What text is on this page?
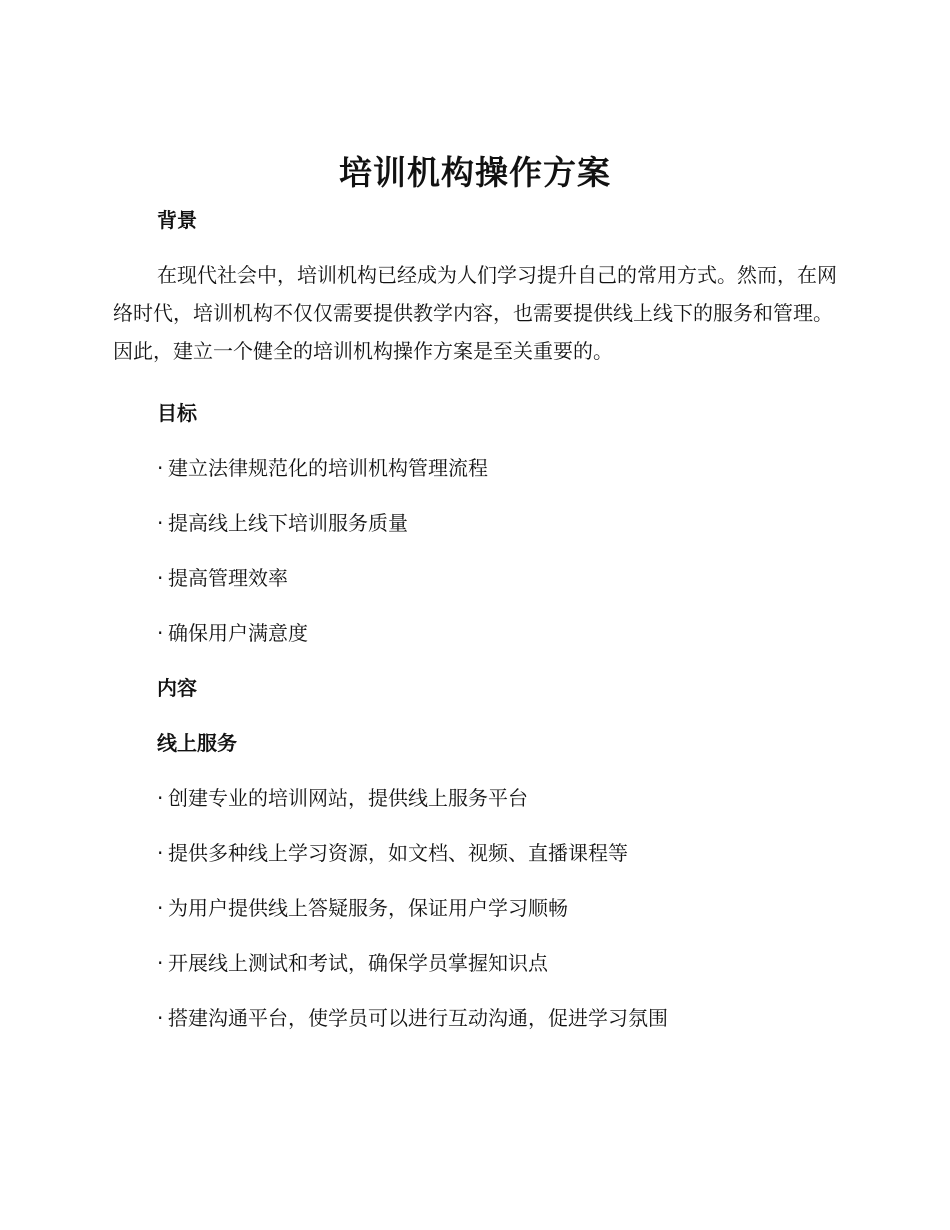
培训机构操作方案
背景

在现代社会中，培训机构已经成为人们学习提升自己的常用方式。然而，在网络时代，培训机构不仅仅需要提供教学内容，也需要提供线上线下的服务和管理。因此，建立一个健全的培训机构操作方案是至关重要的。

目标
· 建立法律规范化的培训机构管理流程
· 提高线上线下培训服务质量
· 提高管理效率
· 确保用户满意度
内容
线上服务
· 创建专业的培训网站，提供线上服务平台
· 提供多种线上学习资源，如文档、视频、直播课程等
· 为用户提供线上答疑服务，保证用户学习顺畅
· 开展线上测试和考试，确保学员掌握知识点
· 搭建沟通平台，使学员可以进行互动沟通，促进学习氛围
